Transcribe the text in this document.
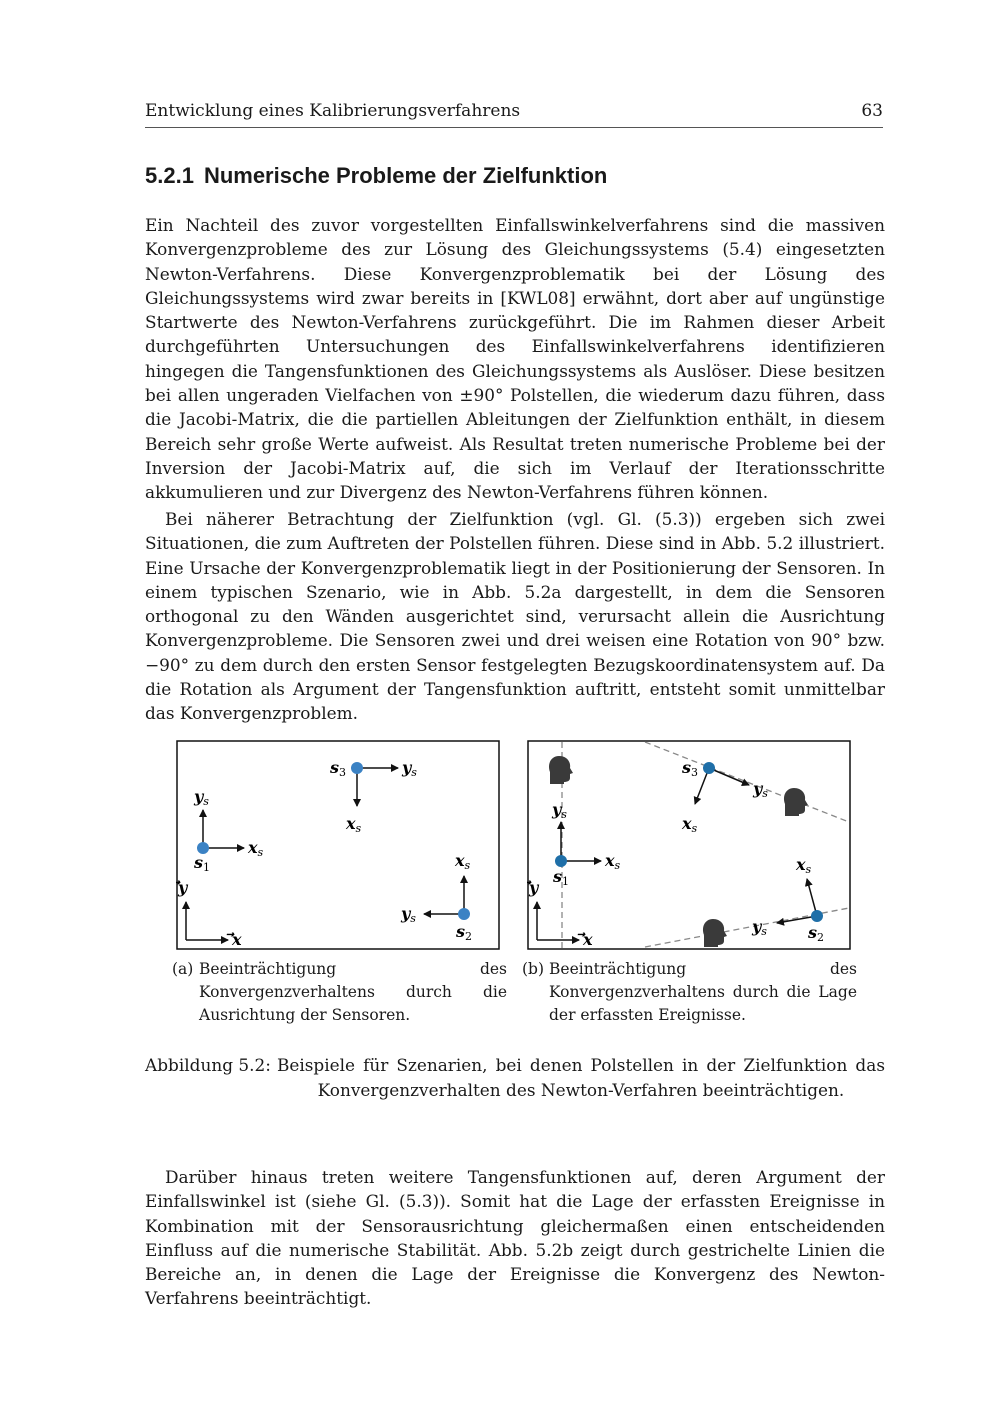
Entwicklung eines Kalibrierungsverfahrens	63
5.2.1 Numerische Probleme der Zielfunktion

Ein Nachteil des zuvor vorgestellten Einfallswinkelverfahrens sind die massiven Konvergenzprobleme des zur Lösung des Gleichungssystems (5.4) eingesetzten Newton-Verfahrens. Diese Konvergenzproblematik bei der Lösung des Gleichungssystems wird zwar bereits in [KWL08] erwähnt, dort aber auf ungünstige Startwerte des Newton-Verfahrens zurückgeführt. Die im Rahmen dieser Arbeit durchgeführten Untersuchungen des Einfallswinkelverfahrens identifizieren hingegen die Tangensfunktionen des Gleichungssystems als Auslöser. Diese besitzen bei allen ungeraden Vielfachen von ±90° Polstellen, die wiederum dazu führen, dass die Jacobi-Matrix, die die partiellen Ableitungen der Zielfunktion enthält, in diesem Bereich sehr große Werte aufweist. Als Resultat treten numerische Probleme bei der Inversion der Jacobi-Matrix auf, die sich im Verlauf der Iterationsschritte akkumulieren und zur Divergenz des Newton-Verfahrens führen können.

Bei näherer Betrachtung der Zielfunktion (vgl. Gl. (5.3)) ergeben sich zwei Situationen, die zum Auftreten der Polstellen führen. Diese sind in Abb. 5.2 illustriert. Eine Ursache der Konvergenzproblematik liegt in der Positionierung der Sensoren. In einem typischen Szenario, wie in Abb. 5.2a dargestellt, in dem die Sensoren orthogonal zu den Wänden ausgerichtet sind, verursacht allein die Ausrichtung Konvergenzprobleme. Die Sensoren zwei und drei weisen eine Rotation von 90° bzw. −90° zu dem durch den ersten Sensor festgelegten Bezugskoordinatensystem auf. Da die Rotation als Argument der Tangensfunktion auftritt, entsteht somit unmittelbar das Konvergenzproblem.

y
x
ys
xs
s1
s3	ys
xs
xs
ys
s2
y
x
ys
xs
s1
s3
ys
xs
xs
ys	s2

(a) Beeinträchtigung des Konvergenzverhaltens durch die Ausrichtung der Sensoren.

(b) Beeinträchtigung des Konvergenzverhaltens durch die Lage der erfassten Ereignisse.

Abbildung 5.2: Beispiele für Szenarien, bei denen Polstellen in der Zielfunktion das Konvergenzverhalten des Newton-Verfahren beeinträchtigen.

Darüber hinaus treten weitere Tangensfunktionen auf, deren Argument der Einfallswinkel ist (siehe Gl. (5.3)). Somit hat die Lage der erfassten Ereignisse in Kombination mit der Sensorausrichtung gleichermaßen einen entscheidenden Einfluss auf die numerische Stabilität. Abb. 5.2b zeigt durch gestrichelte Linien die Bereiche an, in denen die Lage der Ereignisse die Konvergenz des Newton-Verfahrens beeinträchtigt.
